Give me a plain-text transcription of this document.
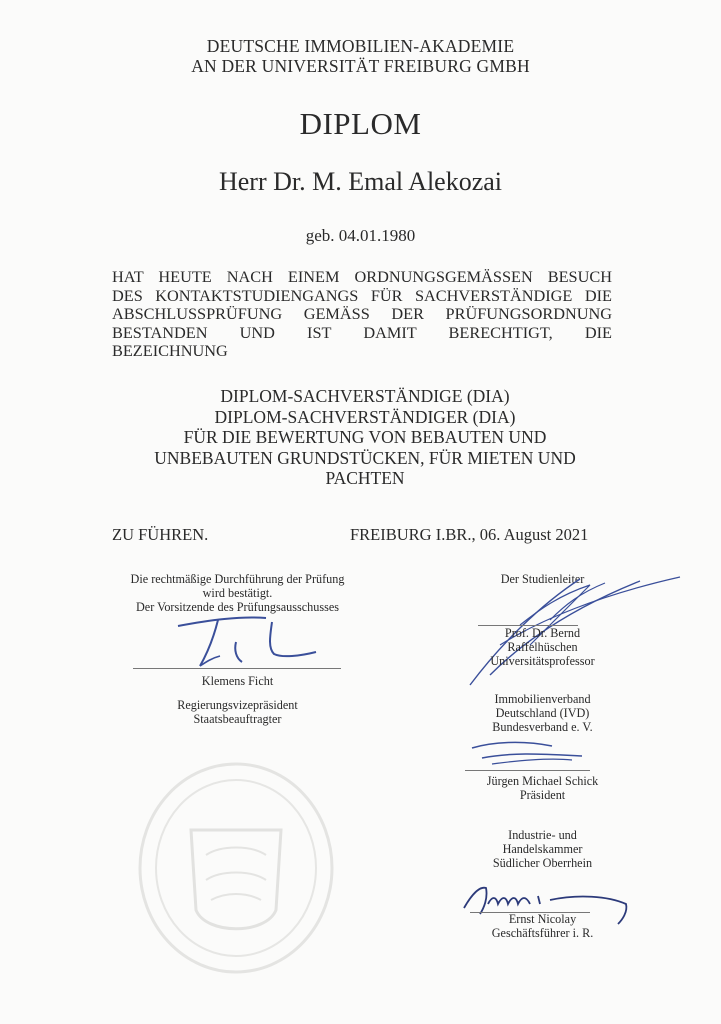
DEUTSCHE IMMOBILIEN-AKADEMIE
AN DER UNIVERSITÄT FREIBURG GMBH
DIPLOM
Herr Dr. M. Emal Alekozai
geb. 04.01.1980
HAT HEUTE NACH EINEM ORDNUNGSGEMÄSSEN BESUCH
DES KONTAKTSTUDIENGANGS FÜR SACHVERSTÄNDIGE DIE
ABSCHLUSSPRÜFUNG GEMÄSS DER PRÜFUNGSORDNUNG
BESTANDEN UND IST DAMIT BERECHTIGT, DIE
BEZEICHNUNG
DIPLOM-SACHVERSTÄNDIGE (DIA)
DIPLOM-SACHVERSTÄNDIGER (DIA)
FÜR DIE BEWERTUNG VON BEBAUTEN UND
UNBEBAUTEN GRUNDSTÜCKEN, FÜR MIETEN UND
PACHTEN
ZU FÜHREN.	FREIBURG I.BR., 06. August 2021
Die rechtmäßige Durchführung der Prüfung
wird bestätigt.
Der Vorsitzende des Prüfungsausschusses
Klemens Ficht
Regierungsvizepräsident
Staatsbeauftragter
Der Studienleiter
Prof. Dr. Bernd
Raffelhüschen
Universitätsprofessor
Immobilienverband
Deutschland (IVD)
Bundesverband e. V.
Jürgen Michael Schick
Präsident
Industrie- und
Handelskammer
Südlicher Oberrhein
Ernst Nicolay
Geschäftsführer i. R.
